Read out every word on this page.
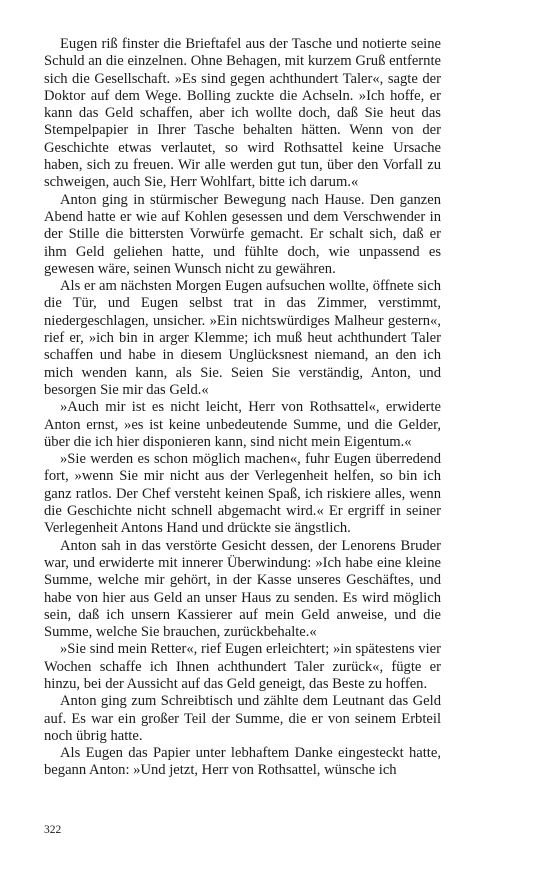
Eugen riß finster die Brieftafel aus der Tasche und notierte seine Schuld an die einzelnen. Ohne Behagen, mit kurzem Gruß entfernte sich die Gesellschaft. »Es sind gegen achthundert Taler«, sagte der Doktor auf dem Wege. Bolling zuckte die Achseln. »Ich hoffe, er kann das Geld schaffen, aber ich wollte doch, daß Sie heut das Stempelpapier in Ihrer Tasche behalten hätten. Wenn von der Geschichte etwas verlautet, so wird Rothsattel keine Ursache haben, sich zu freuen. Wir alle werden gut tun, über den Vorfall zu schweigen, auch Sie, Herr Wohlfart, bitte ich darum.«

Anton ging in stürmischer Bewegung nach Hause. Den ganzen Abend hatte er wie auf Kohlen gesessen und dem Verschwender in der Stille die bittersten Vorwürfe gemacht. Er schalt sich, daß er ihm Geld geliehen hatte, und fühlte doch, wie unpassend es gewesen wäre, seinen Wunsch nicht zu gewähren.

Als er am nächsten Morgen Eugen aufsuchen wollte, öffnete sich die Tür, und Eugen selbst trat in das Zimmer, verstimmt, niedergeschlagen, unsicher. »Ein nichtswürdiges Malheur gestern«, rief er, »ich bin in arger Klemme; ich muß heut achthundert Taler schaffen und habe in diesem Unglücksnest niemand, an den ich mich wenden kann, als Sie. Seien Sie verständig, Anton, und besorgen Sie mir das Geld.«

»Auch mir ist es nicht leicht, Herr von Rothsattel«, erwiderte Anton ernst, »es ist keine unbedeutende Summe, und die Gelder, über die ich hier disponieren kann, sind nicht mein Eigentum.«

»Sie werden es schon möglich machen«, fuhr Eugen überredend fort, »wenn Sie mir nicht aus der Verlegenheit helfen, so bin ich ganz ratlos. Der Chef versteht keinen Spaß, ich riskiere alles, wenn die Geschichte nicht schnell abgemacht wird.« Er ergriff in seiner Verlegenheit Antons Hand und drückte sie ängstlich.

Anton sah in das verstörte Gesicht dessen, der Lenorens Bruder war, und erwiderte mit innerer Überwindung: »Ich habe eine kleine Summe, welche mir gehört, in der Kasse unseres Geschäftes, und habe von hier aus Geld an unser Haus zu senden. Es wird möglich sein, daß ich unsern Kassierer auf mein Geld anweise, und die Summe, welche Sie brauchen, zurückbehalte.«

»Sie sind mein Retter«, rief Eugen erleichtert; »in spätestens vier Wochen schaffe ich Ihnen achthundert Taler zurück«, fügte er hinzu, bei der Aussicht auf das Geld geneigt, das Beste zu hoffen.

Anton ging zum Schreibtisch und zählte dem Leutnant das Geld auf. Es war ein großer Teil der Summe, die er von seinem Erbteil noch übrig hatte.

Als Eugen das Papier unter lebhaftem Danke eingesteckt hatte, begann Anton: »Und jetzt, Herr von Rothsattel, wünsche ich

322
